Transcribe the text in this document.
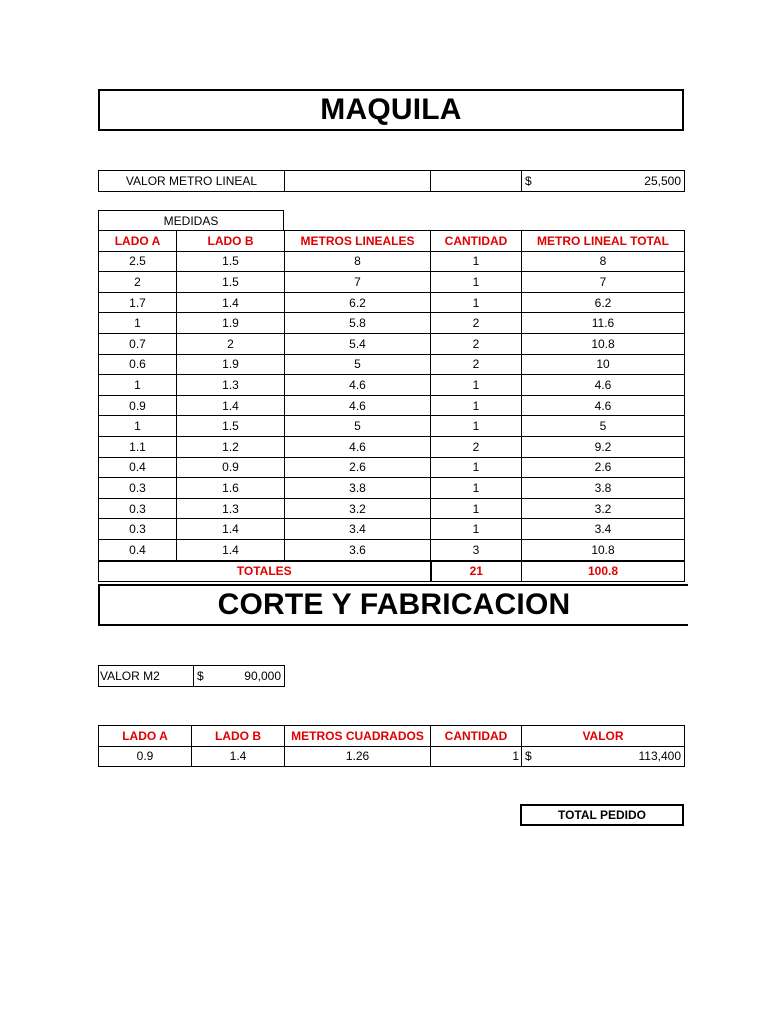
MAQUILA
VALOR METRO LINEAL			$	25,500
MEDIDAS
LADO A	LADO B	METROS LINEALES	CANTIDAD	METRO LINEAL TOTAL
2.5	1.5	8	1	8
2	1.5	7	1	7
1.7	1.4	6.2	1	6.2
1	1.9	5.8	2	11.6
0.7	2	5.4	2	10.8
0.6	1.9	5	2	10
1	1.3	4.6	1	4.6
0.9	1.4	4.6	1	4.6
1	1.5	5	1	5
1.1	1.2	4.6	2	9.2
0.4	0.9	2.6	1	2.6
0.3	1.6	3.8	1	3.8
0.3	1.3	3.2	1	3.2
0.3	1.4	3.4	1	3.4
0.4	1.4	3.6	3	10.8
TOTALES			21	100.8
CORTE Y FABRICACION
VALOR M2	$	90,000
LADO A	LADO B	METROS CUADRADOS	CANTIDAD	VALOR
0.9	1.4	1.26	1	$ 113,400
TOTAL PEDIDO
